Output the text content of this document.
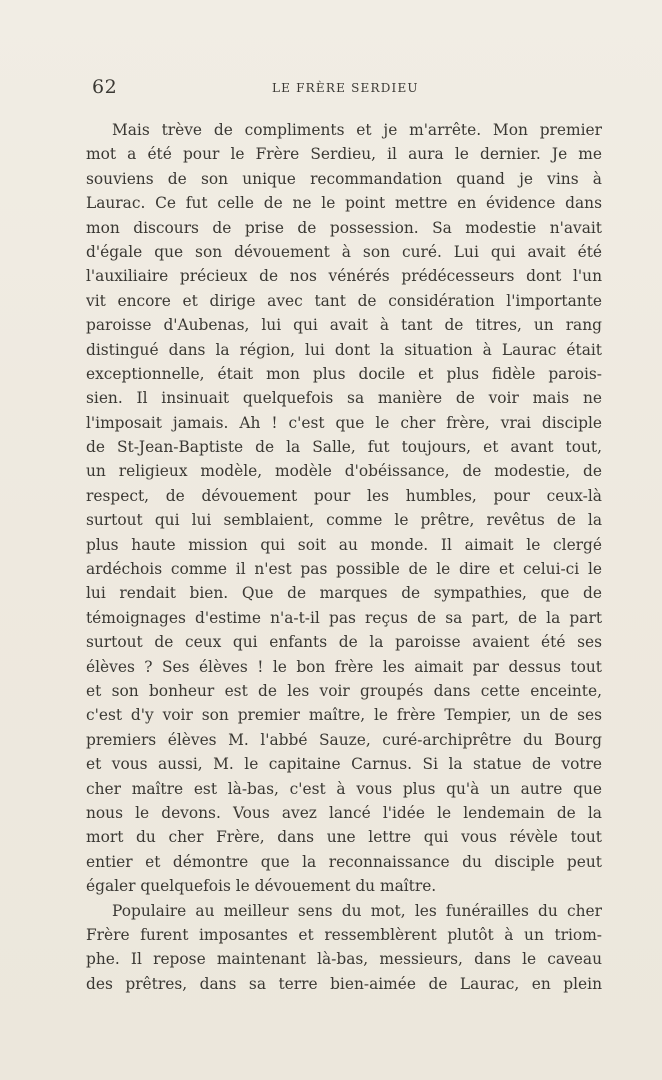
62	LE FRÈRE SERDIEU
Mais trève de compliments et je m'arrête. Mon premier
mot a été pour le Frère Serdieu, il aura le dernier. Je me
souviens de son unique recommandation quand je vins à
Laurac. Ce fut celle de ne le point mettre en évidence dans
mon discours de prise de possession. Sa modestie n'avait
d'égale que son dévouement à son curé. Lui qui avait été
l'auxiliaire précieux de nos vénérés prédécesseurs dont l'un
vit encore et dirige avec tant de considération l'importante
paroisse d'Aubenas, lui qui avait à tant de titres, un rang
distingué dans la région, lui dont la situation à Laurac était
exceptionnelle, était mon plus docile et plus fidèle parois-
sien. Il insinuait quelquefois sa manière de voir mais ne
l'imposait jamais. Ah ! c'est que le cher frère, vrai disciple
de St-Jean-Baptiste de la Salle, fut toujours, et avant tout,
un religieux modèle, modèle d'obéissance, de modestie, de
respect, de dévouement pour les humbles, pour ceux-là
surtout qui lui semblaient, comme le prêtre, revêtus de la
plus haute mission qui soit au monde. Il aimait le clergé
ardéchois comme il n'est pas possible de le dire et celui-ci le
lui rendait bien. Que de marques de sympathies, que de
témoignages d'estime n'a-t-il pas reçus de sa part, de la part
surtout de ceux qui enfants de la paroisse avaient été ses
élèves ? Ses élèves ! le bon frère les aimait par dessus tout
et son bonheur est de les voir groupés dans cette enceinte,
c'est d'y voir son premier maître, le frère Tempier, un de ses
premiers élèves M. l'abbé Sauze, curé-archiprêtre du Bourg
et vous aussi, M. le capitaine Carnus. Si la statue de votre
cher maître est là-bas, c'est à vous plus qu'à un autre que
nous le devons. Vous avez lancé l'idée le lendemain de la
mort du cher Frère, dans une lettre qui vous révèle tout
entier et démontre que la reconnaissance du disciple peut
égaler quelquefois le dévouement du maître.
Populaire au meilleur sens du mot, les funérailles du cher
Frère furent imposantes et ressemblèrent plutôt à un triom-
phe. Il repose maintenant là-bas, messieurs, dans le caveau
des prêtres, dans sa terre bien-aimée de Laurac, en plein
